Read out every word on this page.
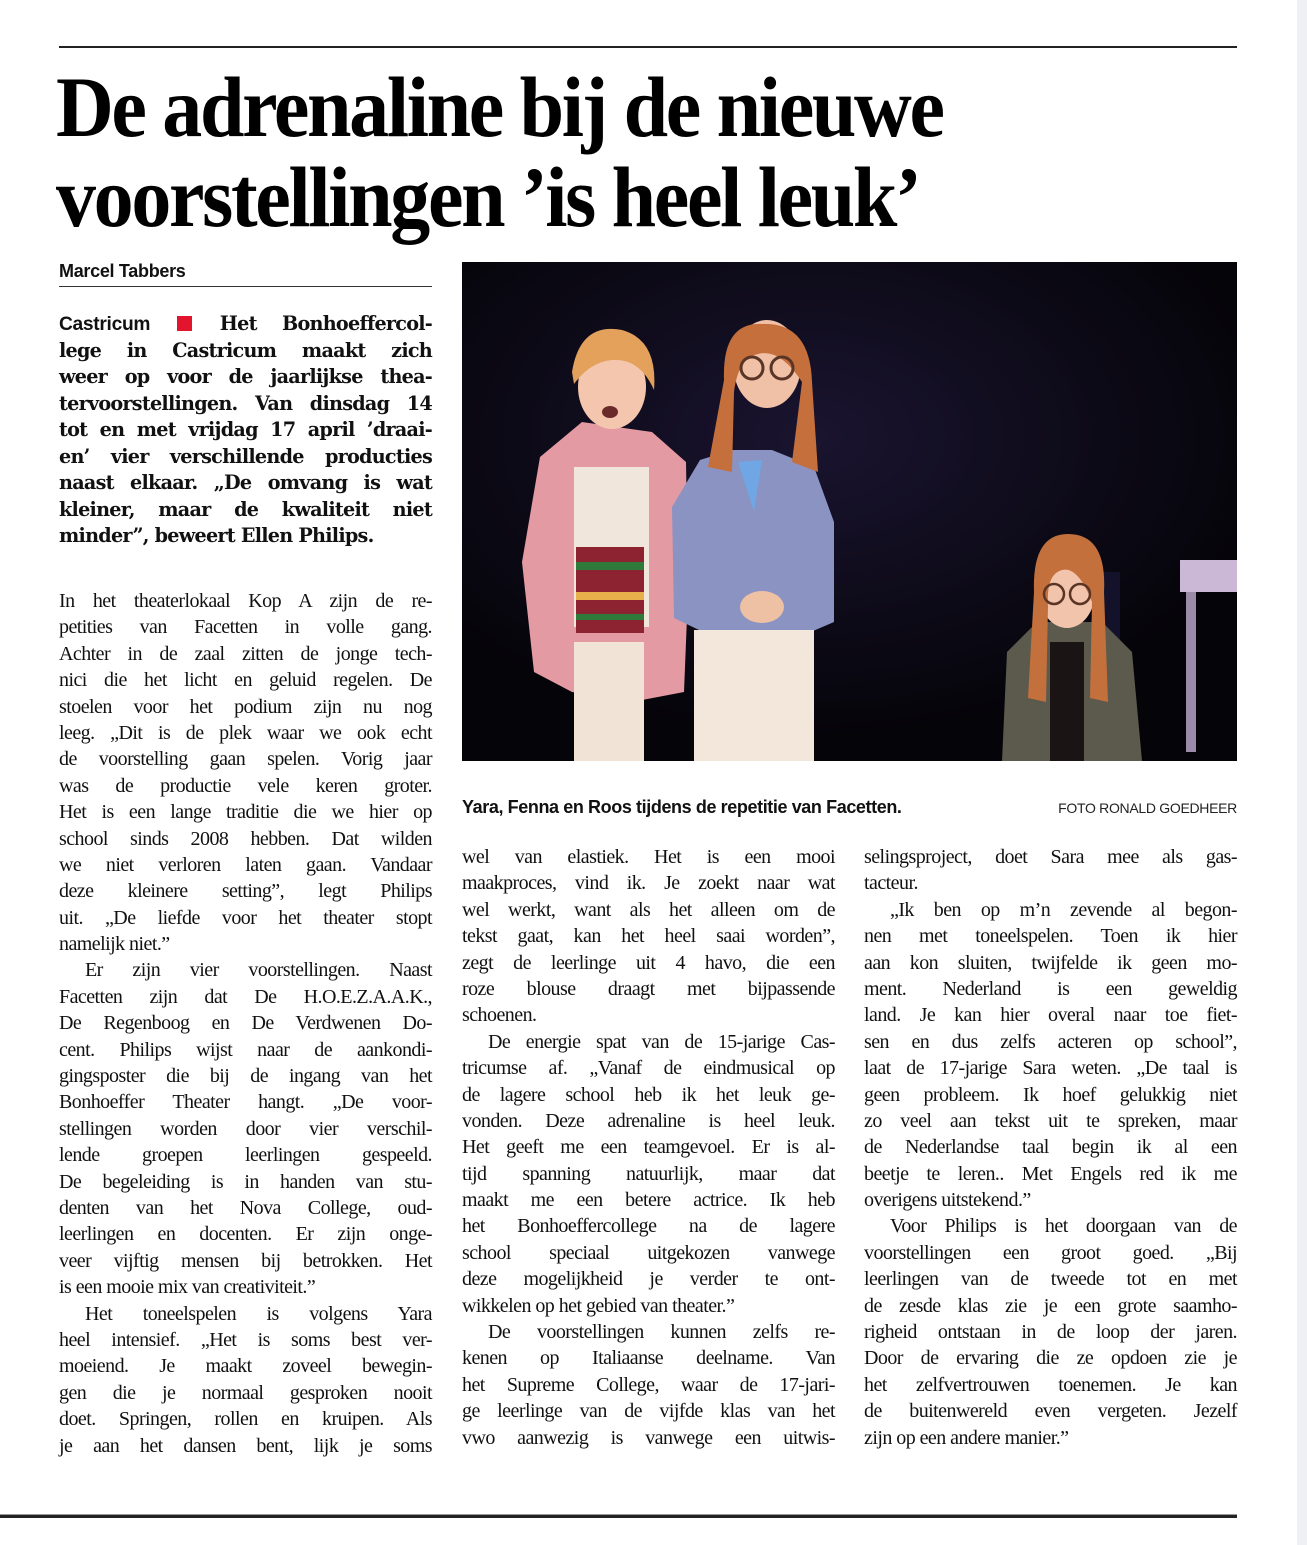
De adrenaline bij de nieuwe
voorstellingen ’is heel leuk’
Marcel Tabbers
Castricum	Het Bonhoeffercol-
lege in Castricum maakt zich
weer op voor de jaarlijkse thea-
tervoorstellingen. Van dinsdag 14
tot en met vrijdag 17 april ’draai-
en’ vier verschillende producties
naast elkaar. „De omvang is wat
kleiner, maar de kwaliteit niet
minder”, beweert Ellen Philips.
In het theaterlokaal Kop A zijn de re-
petities van Facetten in volle gang.
Achter in de zaal zitten de jonge tech-
nici die het licht en geluid regelen. De
stoelen voor het podium zijn nu nog
leeg. „Dit is de plek waar we ook echt
de voorstelling gaan spelen. Vorig jaar
was de productie vele keren groter.
Het is een lange traditie die we hier op
school sinds 2008 hebben. Dat wilden
we niet verloren laten gaan. Vandaar
deze kleinere setting”, legt Philips
uit. „De liefde voor het theater stopt
namelijk niet.”
Er zijn vier voorstellingen. Naast
Facetten zijn dat De H.O.E.Z.A.A.K.,
De Regenboog en De Verdwenen Do-
cent. Philips wijst naar de aankondi-
gingsposter die bij de ingang van het
Bonhoeffer Theater hangt. „De voor-
stellingen worden door vier verschil-
lende groepen leerlingen gespeeld.
De begeleiding is in handen van stu-
denten van het Nova College, oud-
leerlingen en docenten. Er zijn onge-
veer vijftig mensen bij betrokken. Het
is een mooie mix van creativiteit.”
Het toneelspelen is volgens Yara
heel intensief. „Het is soms best ver-
moeiend. Je maakt zoveel bewegin-
gen die je normaal gesproken nooit
doet. Springen, rollen en kruipen. Als
je aan het dansen bent, lijk je soms
wel van elastiek. Het is een mooi
maakproces, vind ik. Je zoekt naar wat
wel werkt, want als het alleen om de
tekst gaat, kan het heel saai worden”,
zegt de leerlinge uit 4 havo, die een
roze blouse draagt met bijpassende
schoenen.
De energie spat van de 15-jarige Cas-
tricumse af. „Vanaf de eindmusical op
de lagere school heb ik het leuk ge-
vonden. Deze adrenaline is heel leuk.
Het geeft me een teamgevoel. Er is al-
tijd spanning natuurlijk, maar dat
maakt me een betere actrice. Ik heb
het Bonhoeffercollege na de lagere
school speciaal uitgekozen vanwege
deze mogelijkheid je verder te ont-
wikkelen op het gebied van theater.”
De voorstellingen kunnen zelfs re-
kenen op Italiaanse deelname. Van
het Supreme College, waar de 17-jari-
ge leerlinge van de vijfde klas van het
vwo aanwezig is vanwege een uitwis-
selingsproject, doet Sara mee als gas-
tacteur.
„Ik ben op m’n zevende al begon-
nen met toneelspelen. Toen ik hier
aan kon sluiten, twijfelde ik geen mo-
ment. Nederland is een geweldig
land. Je kan hier overal naar toe fiet-
sen en dus zelfs acteren op school”,
laat de 17-jarige Sara weten. „De taal is
geen probleem. Ik hoef gelukkig niet
zo veel aan tekst uit te spreken, maar
de Nederlandse taal begin ik al een
beetje te leren.. Met Engels red ik me
overigens uitstekend.”
Voor Philips is het doorgaan van de
voorstellingen een groot goed. „Bij
leerlingen van de tweede tot en met
de zesde klas zie je een grote saamho-
righeid ontstaan in de loop der jaren.
Door de ervaring die ze opdoen zie je
het zelfvertrouwen toenemen. Je kan
de buitenwereld even vergeten. Jezelf
zijn op een andere manier.”
Yara, Fenna en Roos tijdens de repetitie van Facetten.	FOTO RONALD GOEDHEER
